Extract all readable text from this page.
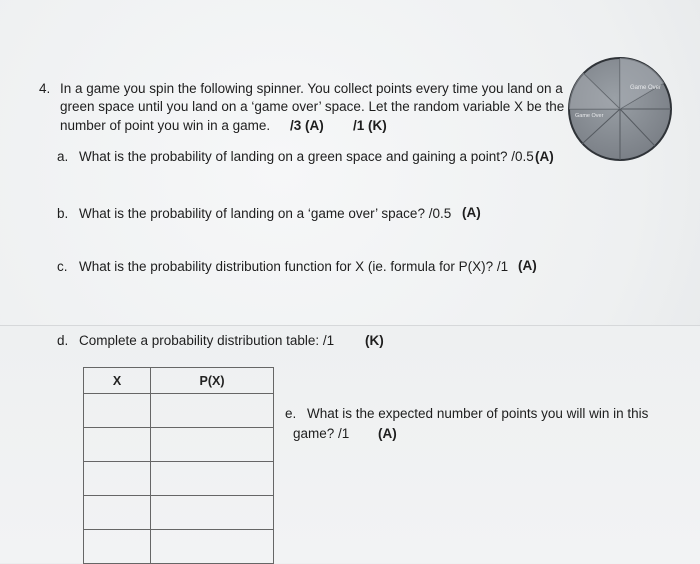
4. In a game you spin the following spinner. You collect points every time you land on a
green space until you land on a ‘game over’ space. Let the random variable X be the
number of point you win in a game. /3 (A) /1 (K)
a. What is the probability of landing on a green space and gaining a point? /0.5 (A)
b. What is the probability of landing on a ‘game over’ space? /0.5 (A)
c. What is the probability distribution function for X (ie. formula for P(X)? /1 (A)
d. Complete a probability distribution table: /1 (K)
X	P(X)

e. What is the expected number of points you will win in this
game? /1 (A)
Game Over
Game Over
